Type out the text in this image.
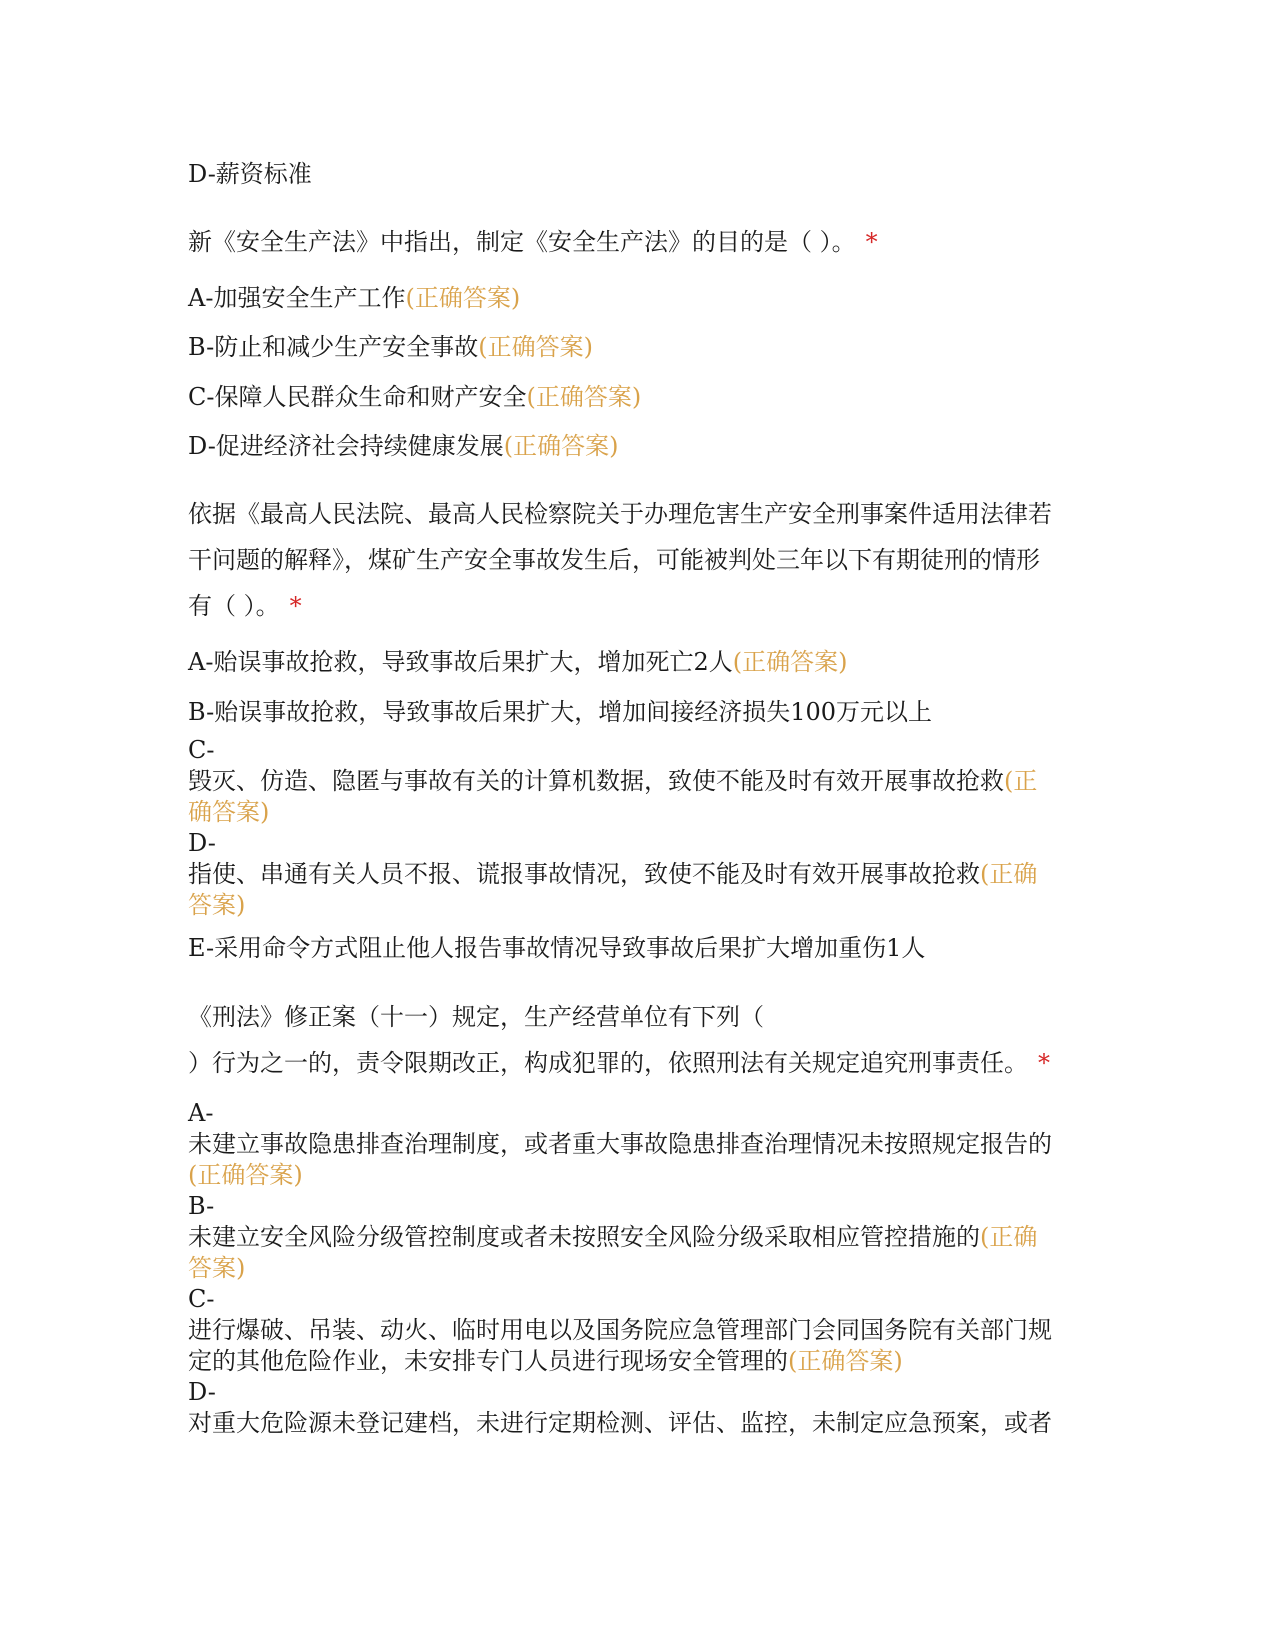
D-薪资标准
新《安全生产法》中指出，制定《安全生产法》的目的是（ ）。 *
A-加强安全生产工作(正确答案)
B-防止和减少生产安全事故(正确答案)
C-保障人民群众生命和财产安全(正确答案)
D-促进经济社会持续健康发展(正确答案)
依据《最高人民法院、最高人民检察院关于办理危害生产安全刑事案件适用法律若
干问题的解释》，煤矿生产安全事故发生后，可能被判处三年以下有期徒刑的情形
有（ ）。 *
A-贻误事故抢救，导致事故后果扩大，增加死亡2人(正确答案)
B-贻误事故抢救，导致事故后果扩大，增加间接经济损失100万元以上
C-
毁灭、仿造、隐匿与事故有关的计算机数据，致使不能及时有效开展事故抢救(正
确答案)
D-
指使、串通有关人员不报、谎报事故情况，致使不能及时有效开展事故抢救(正确
答案)
E-采用命令方式阻止他人报告事故情况导致事故后果扩大增加重伤1人
《刑法》修正案（十一）规定，生产经营单位有下列（
）行为之一的，责令限期改正，构成犯罪的，依照刑法有关规定追究刑事责任。 *
A-
未建立事故隐患排查治理制度，或者重大事故隐患排查治理情况未按照规定报告的
(正确答案)
B-
未建立安全风险分级管控制度或者未按照安全风险分级采取相应管控措施的(正确
答案)
C-
进行爆破、吊装、动火、临时用电以及国务院应急管理部门会同国务院有关部门规
定的其他危险作业，未安排专门人员进行现场安全管理的(正确答案)
D-
对重大危险源未登记建档，未进行定期检测、评估、监控，未制定应急预案，或者
